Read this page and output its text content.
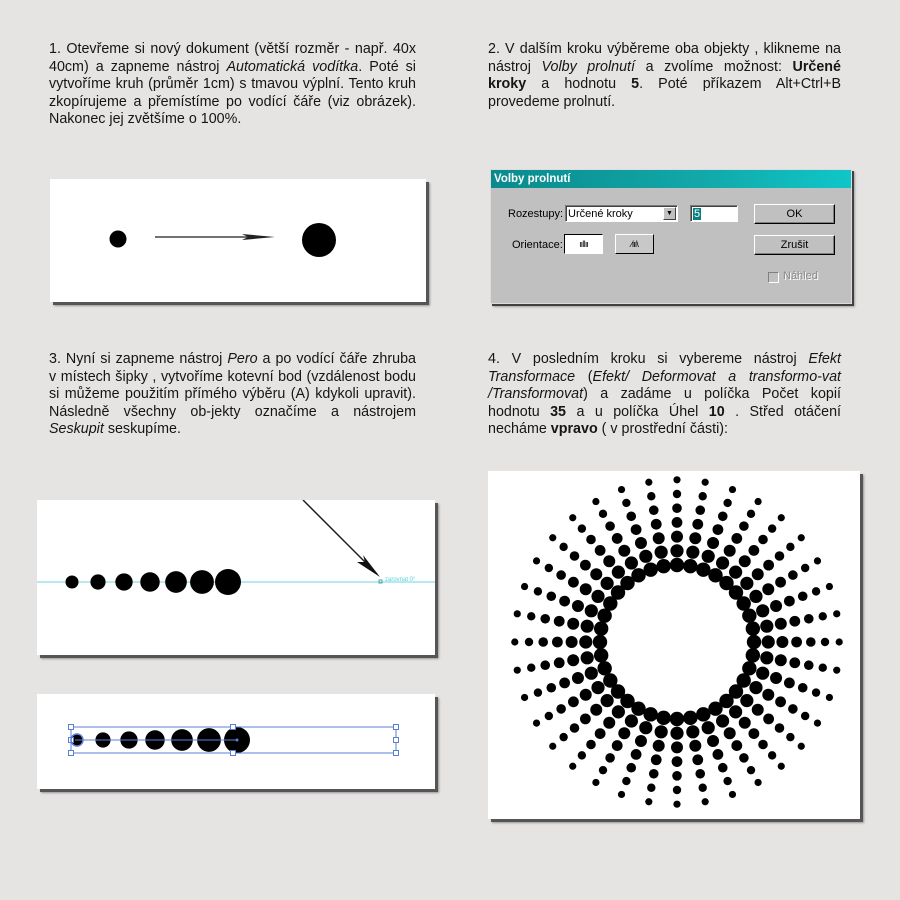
1. Otevřeme si nový dokument (větší rozměr - např. 40x 40cm) a zapneme nástroj Automatická vodítka. Poté si vytvoříme kruh (průměr 1cm) s tmavou výplní. Tento kruh zkopírujeme a přemístíme po vodící čáře (viz obrázek). Nakonec jej zvětšíme o 100%.
2. V dalším kroku výběreme oba objekty , klikneme na nástroj Volby prolnutí a zvolíme možnost: Určené kroky a hodnotu 5. Poté příkazem Alt+Ctrl+B provedeme prolnutí.
3. Nyní si zapneme nástroj Pero a po vodící čáře zhruba v místech šipky , vytvoříme kotevní bod (vzdálenost bodu si můžeme použitím přímého výběru (A) kdykoli upravit). Následně všechny ob-jekty označíme a nástrojem Seskupit seskupíme.
4. V posledním kroku si vybereme nástroj Efekt Transformace (Efekt/ Deformovat a transformo-vat /Transformovat) a zadáme u políčka Počet kopií hodnotu 35 a u políčka Úhel 10 . Střed otáčení necháme vpravo ( v prostřední části):
Volby prolnutí
Rozestupy: Určené kroky	▼	5
Orientace:	ıı‖ıı	⁄ııı\
OK
Zrušit
Náhled
zarovnat 0°
